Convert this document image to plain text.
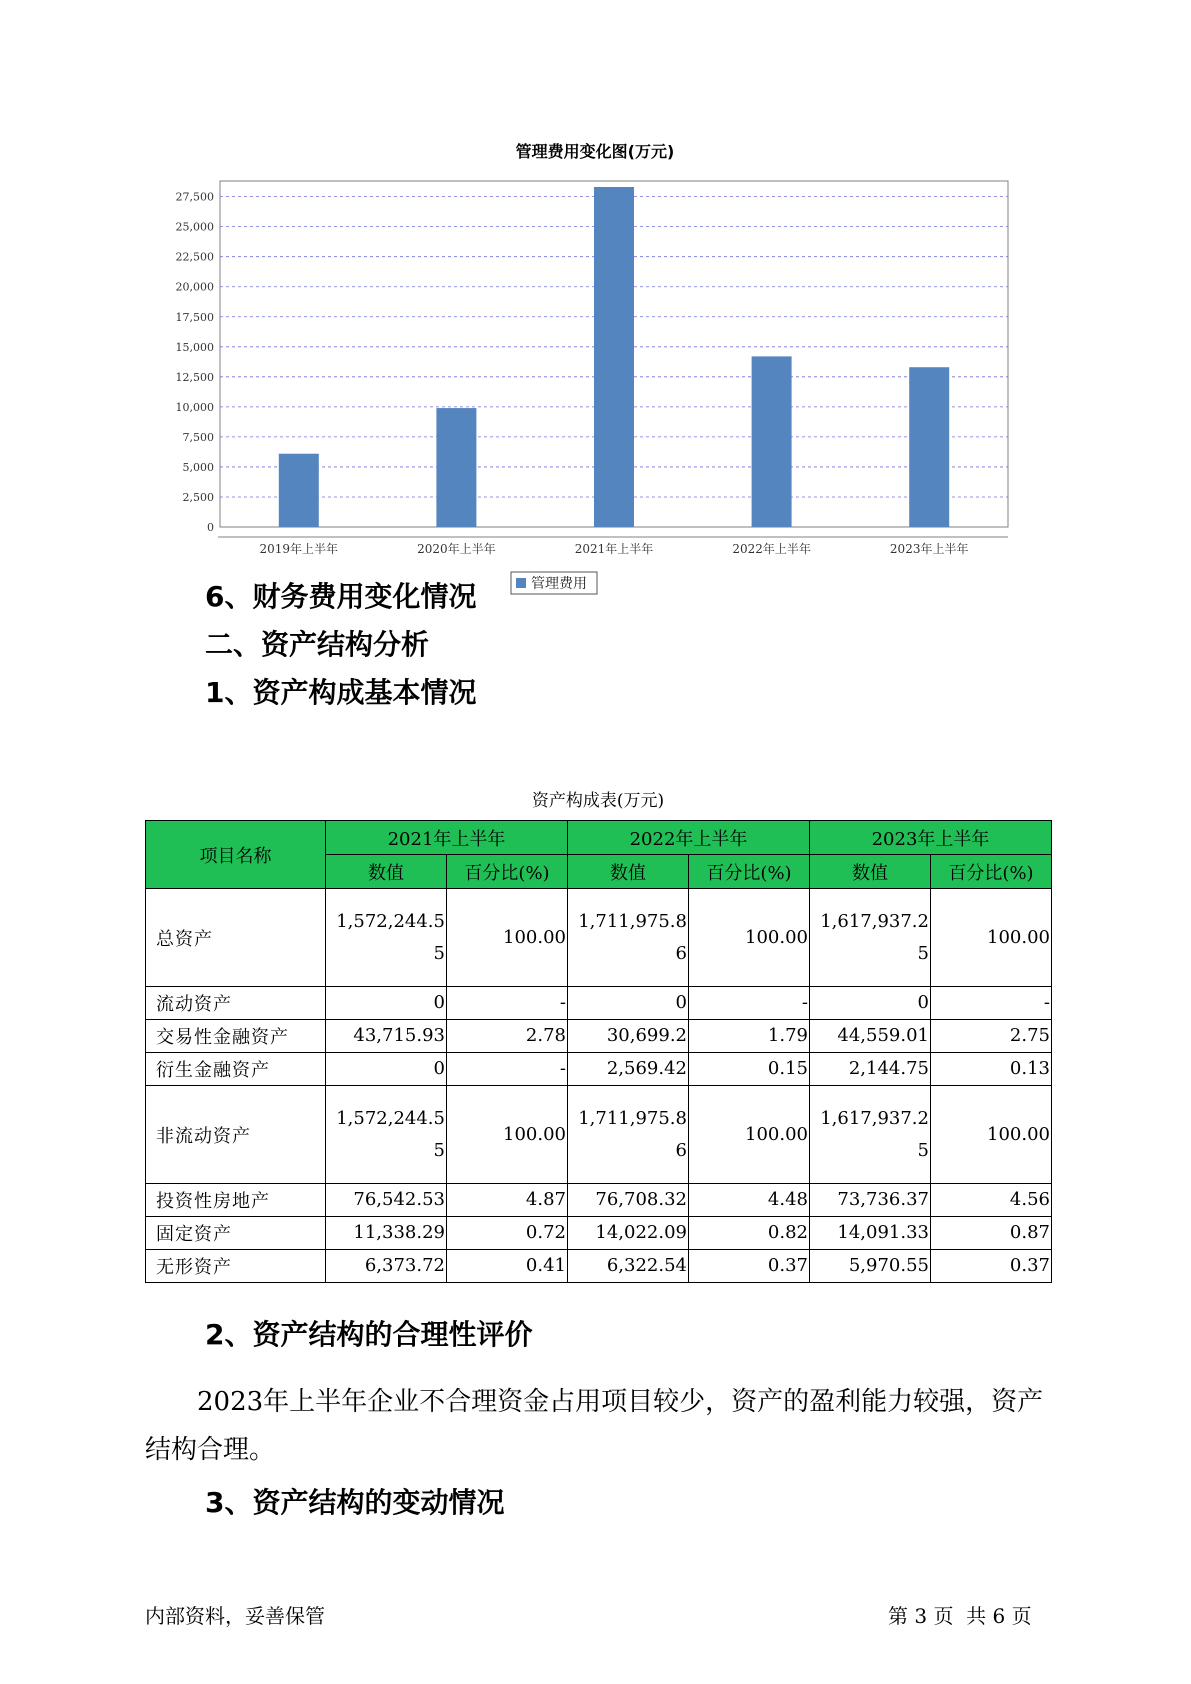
管理费用变化图(万元)
0
2,500
5,000
7,500
10,000
12,500
15,000
17,500
20,000
22,500
25,000
27,500
2019年上半年	2020年上半年	2021年上半年	2022年上半年	2023年上半年
管理费用
6、财务费用变化情况
二、资产结构分析
1、资产构成基本情况
资产构成表(万元)
项目名称	2021年上半年		2022年上半年		2023年上半年	
	数值	百分比(%)	数值	百分比(%)	数值	百分比(%)
总资产	1,572,244.55	100.00	1,711,975.86	100.00	1,617,937.25	100.00
流动资产	0	-	0	-	0	-
交易性金融资产	43,715.93	2.78	30,699.2	1.79	44,559.01	2.75
衍生金融资产	0	-	2,569.42	0.15	2,144.75	0.13
非流动资产	1,572,244.55	100.00	1,711,975.86	100.00	1,617,937.25	100.00
投资性房地产	76,542.53	4.87	76,708.32	4.48	73,736.37	4.56
固定资产	11,338.29	0.72	14,022.09	0.82	14,091.33	0.87
无形资产	6,373.72	0.41	6,322.54	0.37	5,970.55	0.37
2、资产结构的合理性评价
2023年上半年企业不合理资金占用项目较少，资产的盈利能力较强，资产结构合理。
3、资产结构的变动情况
内部资料，妥善保管	第 3 页  共 6 页
